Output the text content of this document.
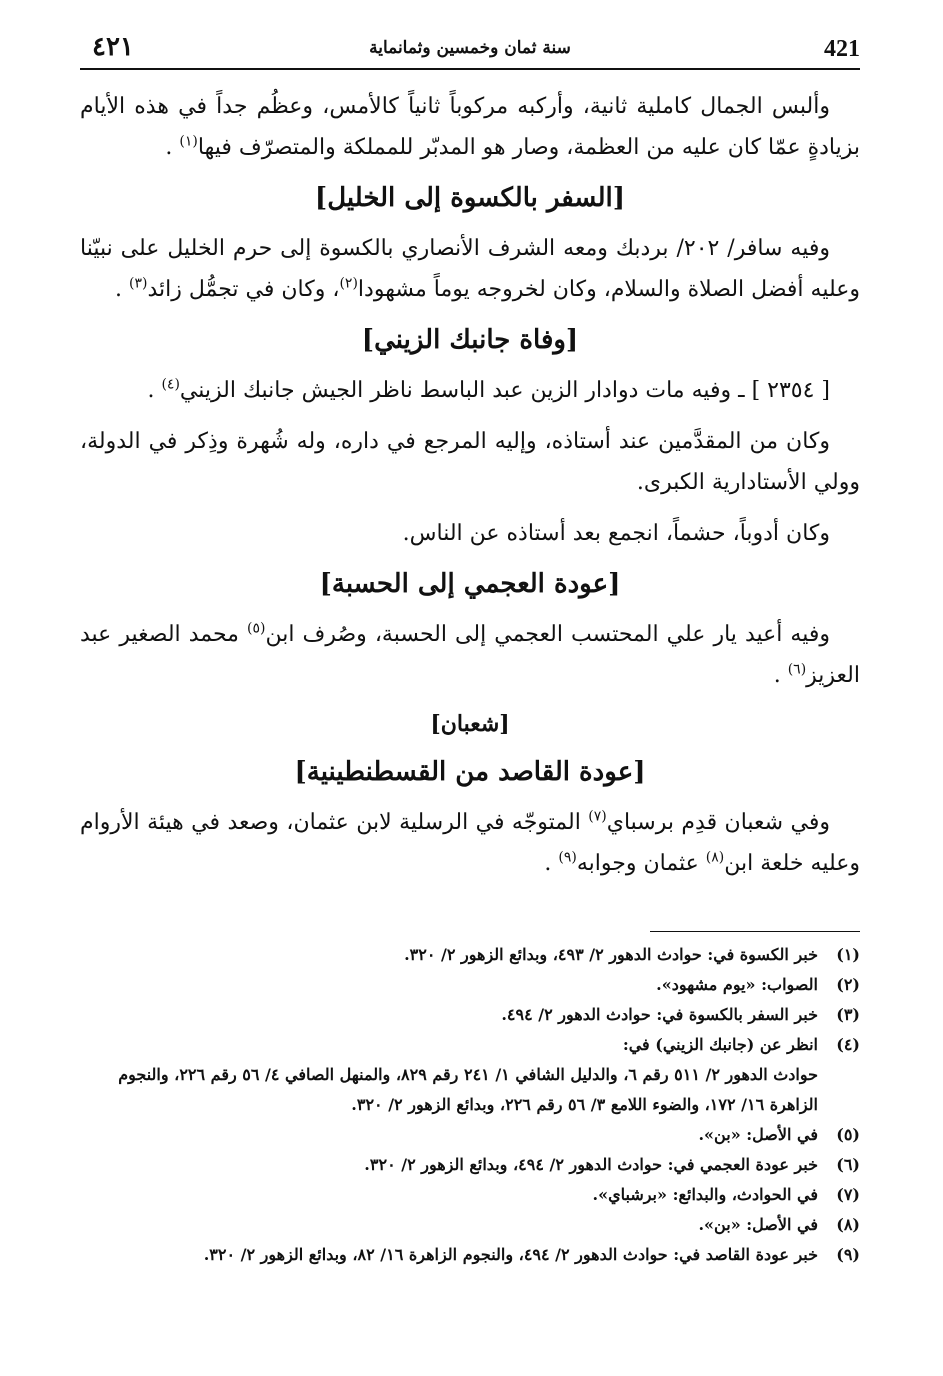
٤٢١	سنة ثمان وخمسين وثمانماية	421

وألبس الجمال كاملية ثانية، وأركبه مركوباً ثانياً كالأمس، وعظُم جداً في هذه الأيام بزيادةٍ عمّا كان عليه من العظمة، وصار هو المدبّر للمملكة والمتصرّف فيها$^{(١)}$ .

[السفر بالكسوة إلى الخليل]

وفيه سافر/ ٢٠٢/ بردبك ومعه الشرف الأنصاري بالكسوة إلى حرم الخليل على نبيّنا وعليه أفضل الصلاة والسلام، وكان لخروجه يوماً مشهودا$^{(٢)}$، وكان في تجمُّل زائد$^{(٣)}$ .

[وفاة جانبك الزيني]

[ ٢٣٥٤ ] ـ وفيه مات دوادار الزين عبد الباسط ناظر الجيش جانبك الزيني$^{(٤)}$ .

وكان من المقدَّمين عند أستاذه، وإليه المرجع في داره، وله شُهرة وذِكر في الدولة، وولي الأستادارية الكبرى.

وكان أدوباً، حشماً، انجمع بعد أستاذه عن الناس.

[عودة العجمي إلى الحسبة]

وفيه أعيد يار علي المحتسب العجمي إلى الحسبة، وصُرف ابن$^{(٥)}$ محمد الصغير عبد العزيز$^{(٦)}$ .

[شعبان]
[عودة القاصد من القسطنطينية]

وفي شعبان قدِم برسباي$^{(٧)}$ المتوجّه في الرسلية لابن عثمان، وصعد في هيئة الأروام وعليه خلعة ابن$^{(٨)}$ عثمان وجوابه$^{(٩)}$ .

(١)خبر الكسوة في: حوادث الدهور ٢/ ٤٩٣، وبدائع الزهور ٢/ ٣٢٠.

(٢)الصواب: «يوم مشهود».

(٣)خبر السفر بالكسوة في: حوادث الدهور ٢/ ٤٩٤.

(٤)انظر عن (جانبك الزيني) في:

حوادث الدهور ٢/ ٥١١ رقم ٦، والدليل الشافي ١/ ٢٤١ رقم ٨٢٩، والمنهل الصافي ٤/ ٥٦ رقم ٢٢٦، والنجوم الزاهرة ١٦/ ١٧٢، والضوء اللامع ٣/ ٥٦ رقم ٢٢٦، وبدائع الزهور ٢/ ٣٢٠.

(٥)في الأصل: «بن».

(٦)خبر عودة العجمي في: حوادث الدهور ٢/ ٤٩٤، وبدائع الزهور ٢/ ٣٢٠.

(٧)في الحوادث، والبدائع: «برشباي».

(٨)في الأصل: «بن».

(٩)خبر عودة القاصد في: حوادث الدهور ٢/ ٤٩٤، والنجوم الزاهرة ١٦/ ٨٢، وبدائع الزهور ٢/ ٣٢٠.
